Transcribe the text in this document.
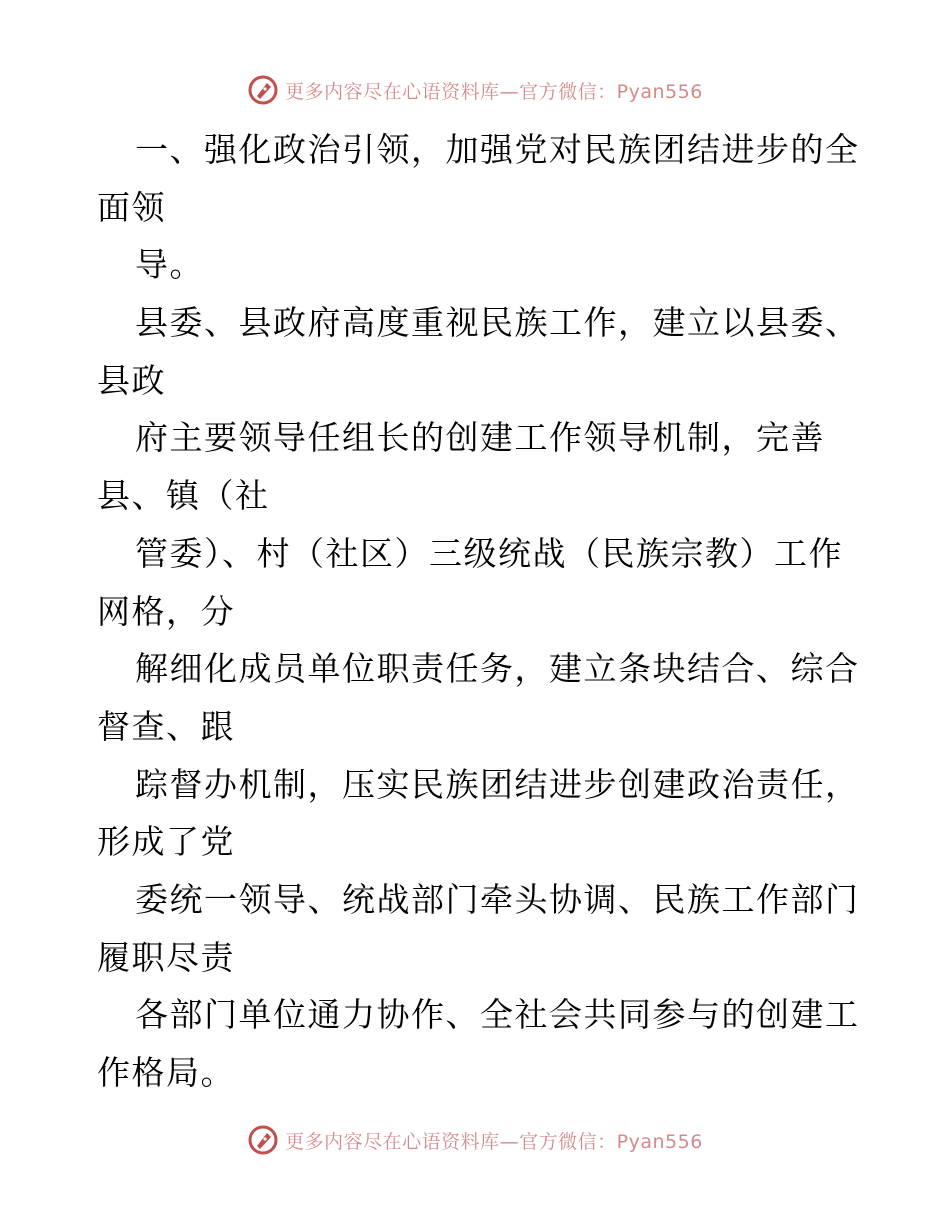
更多内容尽在心语资料库—官方微信：Pyan556
一、强化政治引领，加强党对民族团结进步的全
面领
导。
县委、县政府高度重视民族工作，建立以县委、
县政
府主要领导任组长的创建工作领导机制，完善
县、镇（社
管委）、村（社区）三级统战（民族宗教）工作
网格，分
解细化成员单位职责任务，建立条块结合、综合
督查、跟
踪督办机制，压实民族团结进步创建政治责任，
形成了党
委统一领导、统战部门牵头协调、民族工作部门
履职尽责
各部门单位通力协作、全社会共同参与的创建工
作格局。
更多内容尽在心语资料库—官方微信：Pyan556
